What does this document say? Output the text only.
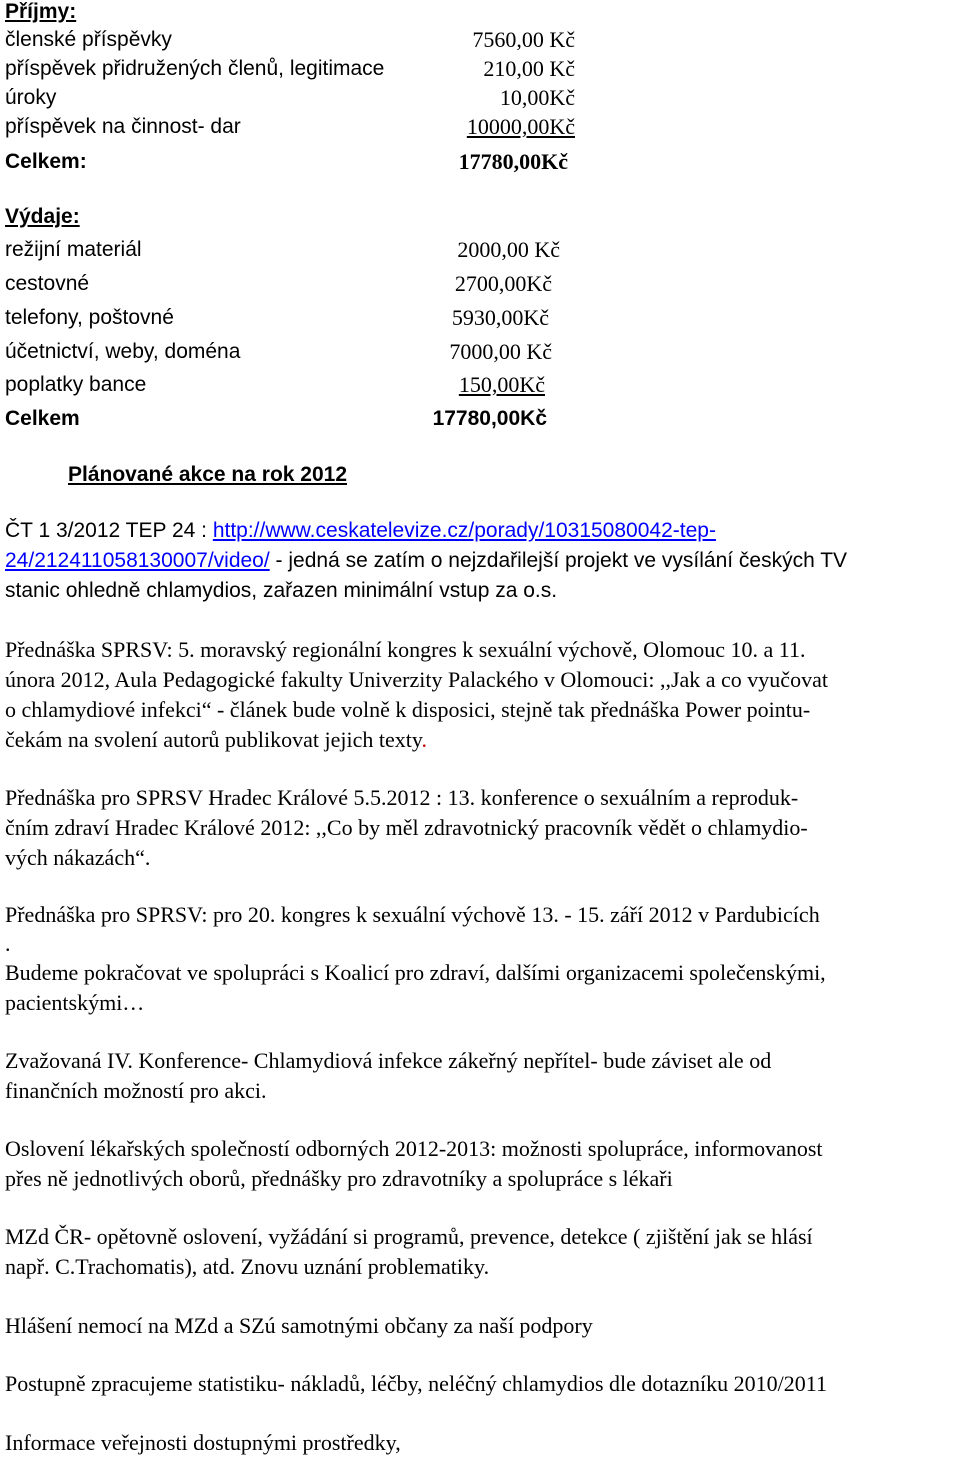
Příjmy:
členské příspěvky	7560,00 Kč
příspěvek přidružených členů, legitimace	210,00 Kč
úroky	10,00Kč
příspěvek na činnost- dar	10000,00Kč
Celkem:	17780,00Kč
Výdaje:
režijní materiál	2000,00 Kč
cestovné	2700,00Kč
telefony, poštovné	5930,00Kč
účetnictví, weby, doména	7000,00 Kč
poplatky bance	150,00Kč
Celkem	17780,00Kč
Plánované akce na rok 2012
ČT 1 3/2012 TEP 24 : http://www.ceskatelevize.cz/porady/10315080042-tep-
24/212411058130007/video/ - jedná se zatím o nejzdařilejší projekt ve vysílání českých TV
stanic ohledně chlamydios, zařazen minimální vstup za o.s.
Přednáška SPRSV: 5. moravský regionální kongres k sexuální výchově, Olomouc 10. a 11.
února 2012, Aula Pedagogické fakulty Univerzity Palackého v Olomouci: ,,Jak a co vyučovat
o chlamydiové infekci“ - článek bude volně k disposici, stejně tak přednáška Power pointu-
čekám na svolení autorů publikovat jejich texty.
Přednáška pro SPRSV Hradec Králové 5.5.2012 : 13. konference o sexuálním a reproduk-
čním zdraví Hradec Králové 2012: ,,Co by měl zdravotnický pracovník vědět o chlamydio-
vých nákazách“.
Přednáška pro SPRSV: pro 20. kongres k sexuální výchově 13. - 15. září 2012 v Pardubicích
.
Budeme pokračovat ve spolupráci s Koalicí pro zdraví, dalšími organizacemi společenskými,
pacientskými…
Zvažovaná IV. Konference- Chlamydiová infekce zákeřný nepřítel- bude záviset ale od
finančních možností pro akci.
Oslovení lékařských společností odborných 2012-2013: možnosti spolupráce, informovanost
přes ně jednotlivých oborů, přednášky pro zdravotníky a spolupráce s lékaři
MZd ČR- opětovně oslovení, vyžádání si programů, prevence, detekce ( zjištění jak se hlásí
např. C.Trachomatis), atd. Znovu uznání problematiky.
Hlášení nemocí na MZd a SZú samotnými občany za naší podpory
Postupně zpracujeme statistiku- nákladů, léčby, neléčný chlamydios dle dotazníku 2010/2011
Informace veřejnosti dostupnými prostředky,
